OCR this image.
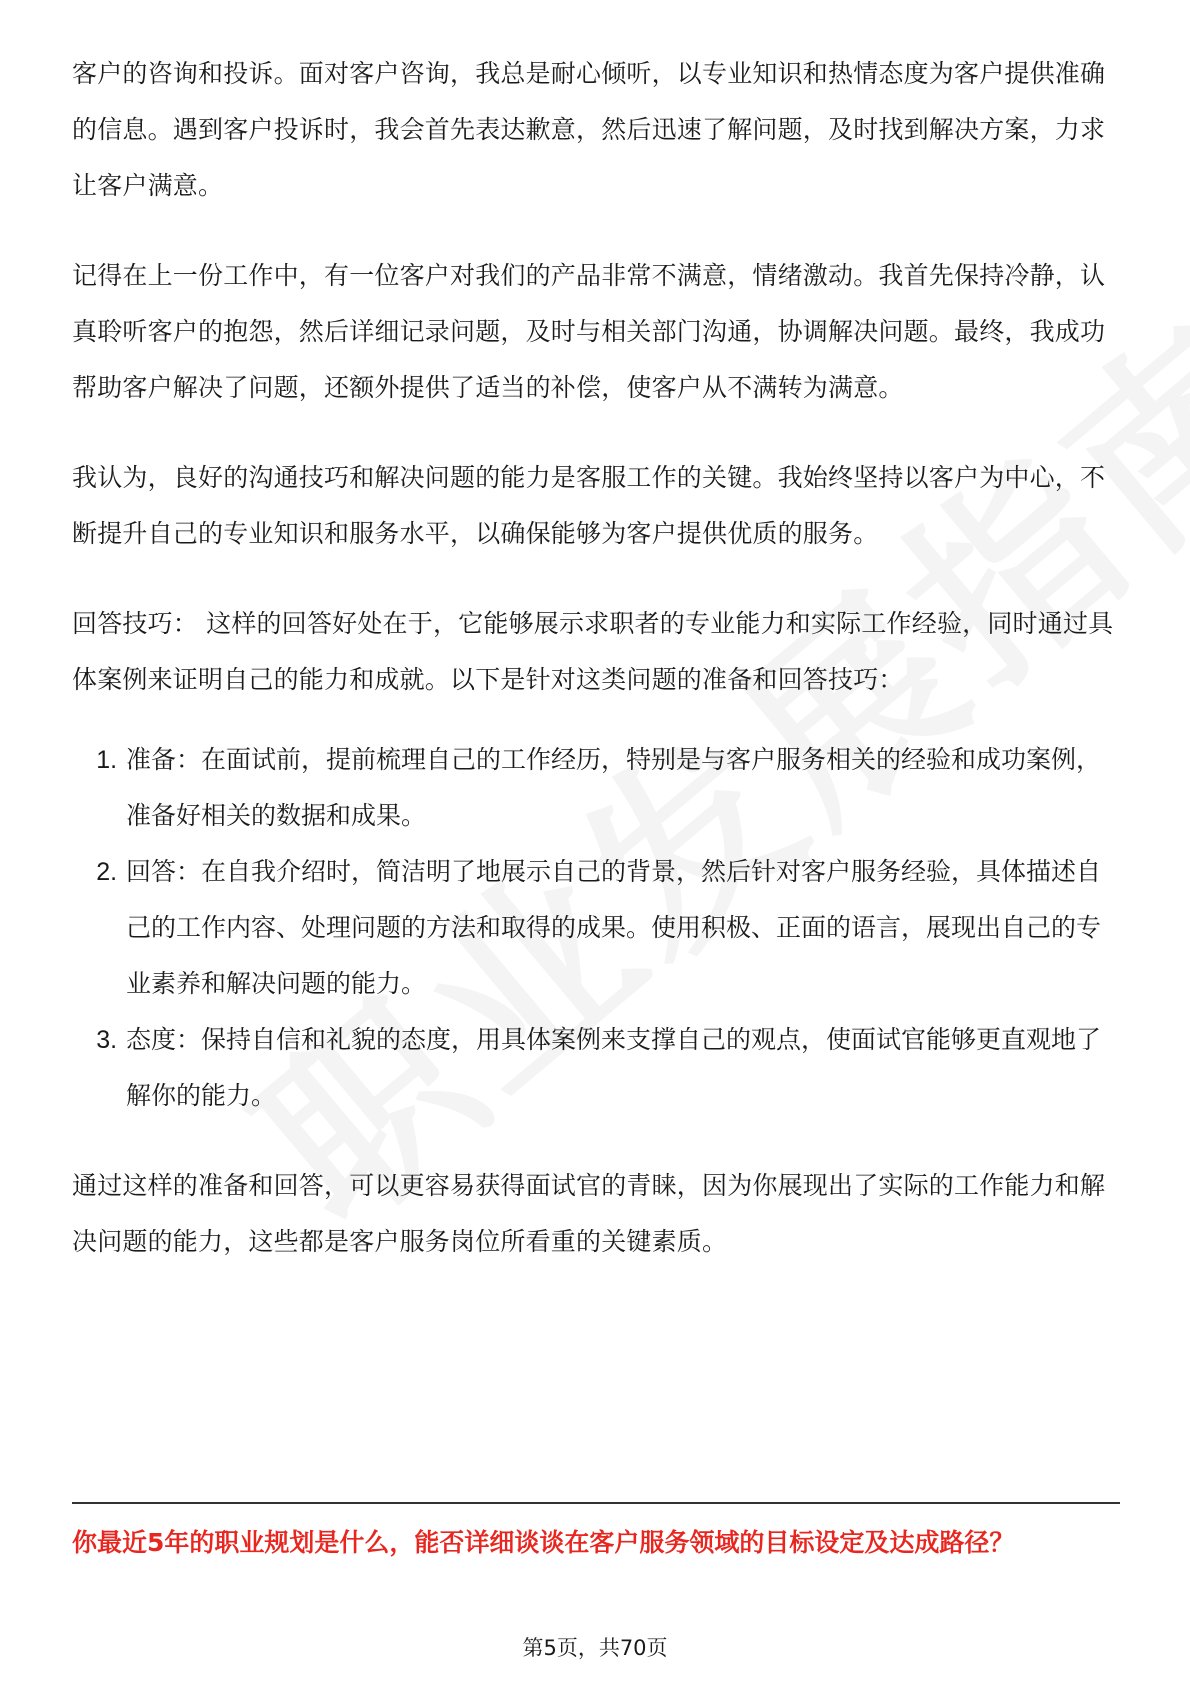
客户的咨询和投诉。面对客户咨询，我总是耐心倾听，以专业知识和热情态度为客户提供准确的信息。遇到客户投诉时，我会首先表达歉意，然后迅速了解问题，及时找到解决方案，力求让客户满意。

记得在上一份工作中，有一位客户对我们的产品非常不满意，情绪激动。我首先保持冷静，认真聆听客户的抱怨，然后详细记录问题，及时与相关部门沟通，协调解决问题。最终，我成功帮助客户解决了问题，还额外提供了适当的补偿，使客户从不满转为满意。

我认为，良好的沟通技巧和解决问题的能力是客服工作的关键。我始终坚持以客户为中心，不断提升自己的专业知识和服务水平，以确保能够为客户提供优质的服务。

回答技巧： 这样的回答好处在于，它能够展示求职者的专业能力和实际工作经验，同时通过具体案例来证明自己的能力和成就。以下是针对这类问题的准备和回答技巧：

1. 准备：在面试前，提前梳理自己的工作经历，特别是与客户服务相关的经验和成功案例，准备好相关的数据和成果。
2. 回答：在自我介绍时，简洁明了地展示自己的背景，然后针对客户服务经验，具体描述自己的工作内容、处理问题的方法和取得的成果。使用积极、正面的语言，展现出自己的专业素养和解决问题的能力。
3. 态度：保持自信和礼貌的态度，用具体案例来支撑自己的观点，使面试官能够更直观地了解你的能力。

通过这样的准备和回答，可以更容易获得面试官的青睐，因为你展现出了实际的工作能力和解决问题的能力，这些都是客户服务岗位所看重的关键素质。

你最近5年的职业规划是什么，能否详细谈谈在客户服务领域的目标设定及达成路径？

第5页，共70页
